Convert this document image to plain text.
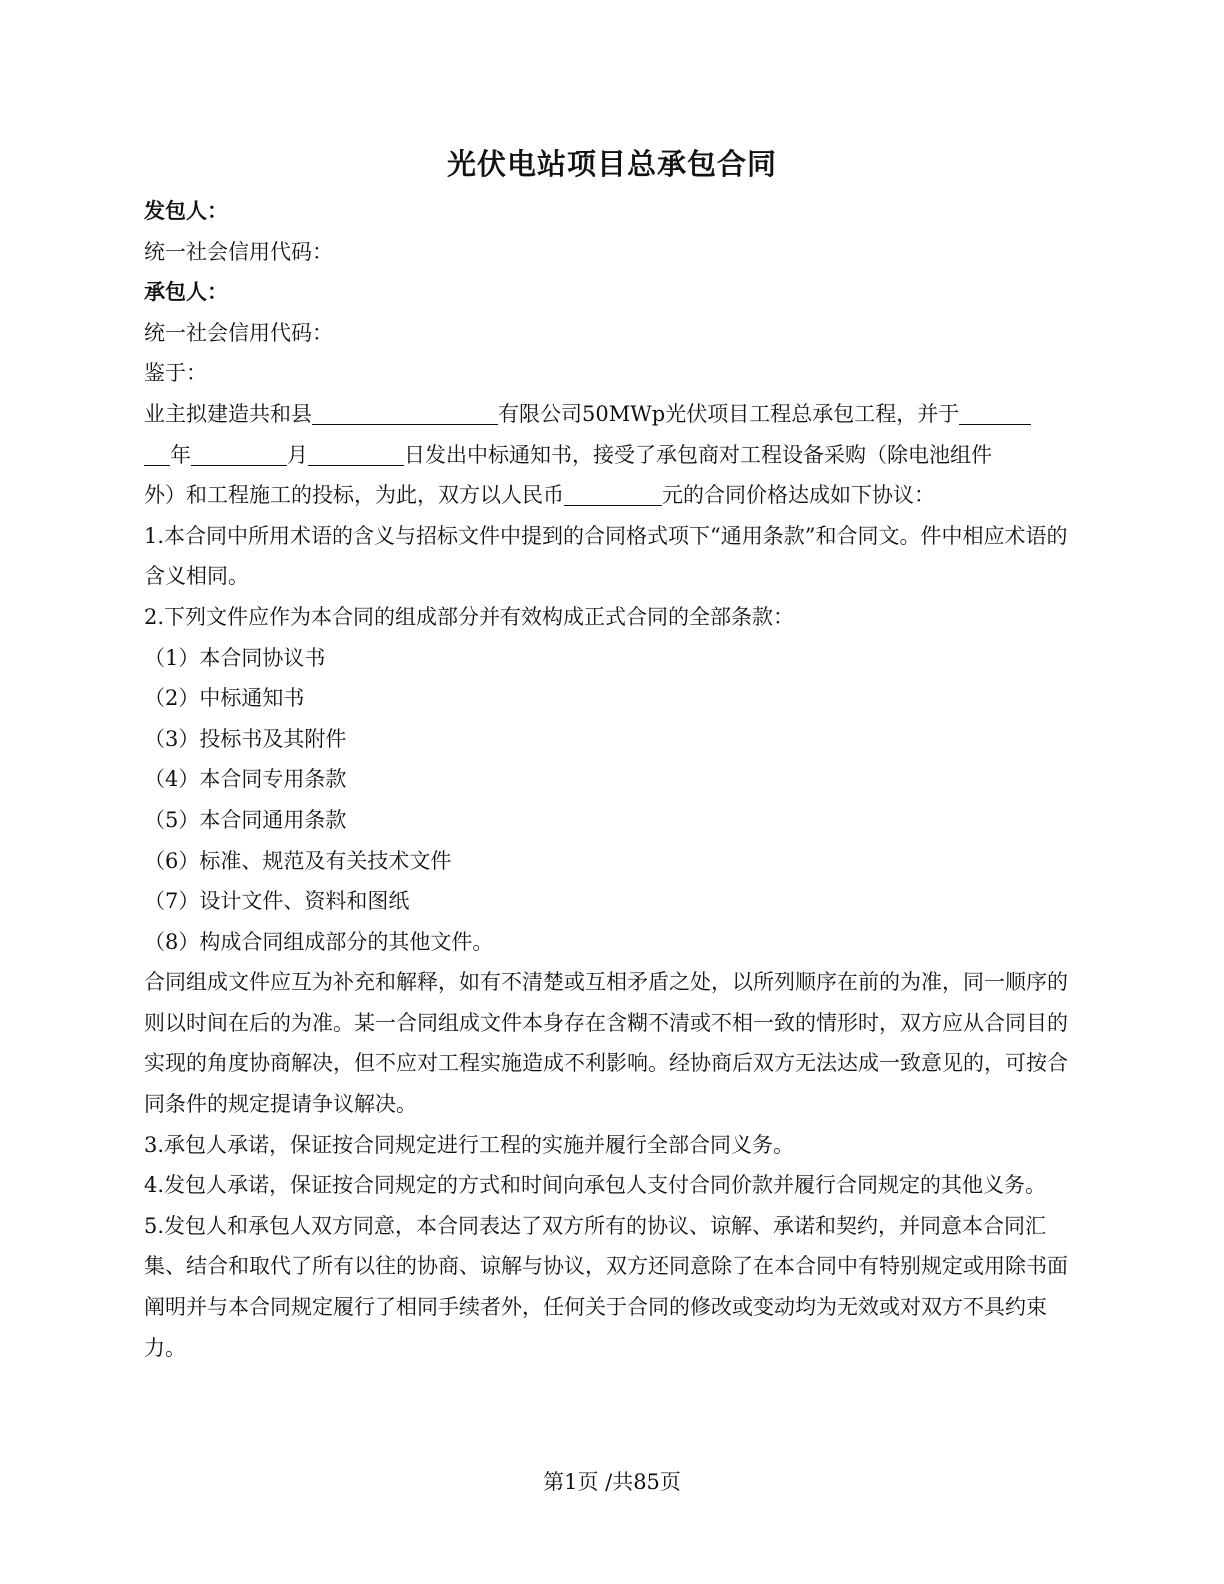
光伏电站项目总承包合同

发包人：

统一社会信用代码：

承包人：

统一社会信用代码：

鉴于：

业主拟建造共和县	有限公司50MWp光伏项目工程总承包工程，并于

年	月	日发出中标通知书，接受了承包商对工程设备采购（除电池组件

外）和工程施工的投标，为此，双方以人民币	元的合同价格达成如下协议：

1.本合同中所用术语的含义与招标文件中提到的合同格式项下“通用条款”和合同文。件中相应术语的含义相同。

2.下列文件应作为本合同的组成部分并有效构成正式合同的全部条款：

（1）本合同协议书

（2）中标通知书

（3）投标书及其附件

（4）本合同专用条款

（5）本合同通用条款

（6）标准、规范及有关技术文件

（7）设计文件、资料和图纸

（8）构成合同组成部分的其他文件。

合同组成文件应互为补充和解释，如有不清楚或互相矛盾之处，以所列顺序在前的为准，同一顺序的则以时间在后的为准。某一合同组成文件本身存在含糊不清或不相一致的情形时，双方应从合同目的实现的角度协商解决，但不应对工程实施造成不利影响。经协商后双方无法达成一致意见的，可按合同条件的规定提请争议解决。

3.承包人承诺，保证按合同规定进行工程的实施并履行全部合同义务。

4.发包人承诺，保证按合同规定的方式和时间向承包人支付合同价款并履行合同规定的其他义务。

5.发包人和承包人双方同意，本合同表达了双方所有的协议、谅解、承诺和契约，并同意本合同汇集、结合和取代了所有以往的协商、谅解与协议，双方还同意除了在本合同中有特别规定或用除书面阐明并与本合同规定履行了相同手续者外，任何关于合同的修改或变动均为无效或对双方不具约束力。

第1页 /共85页
